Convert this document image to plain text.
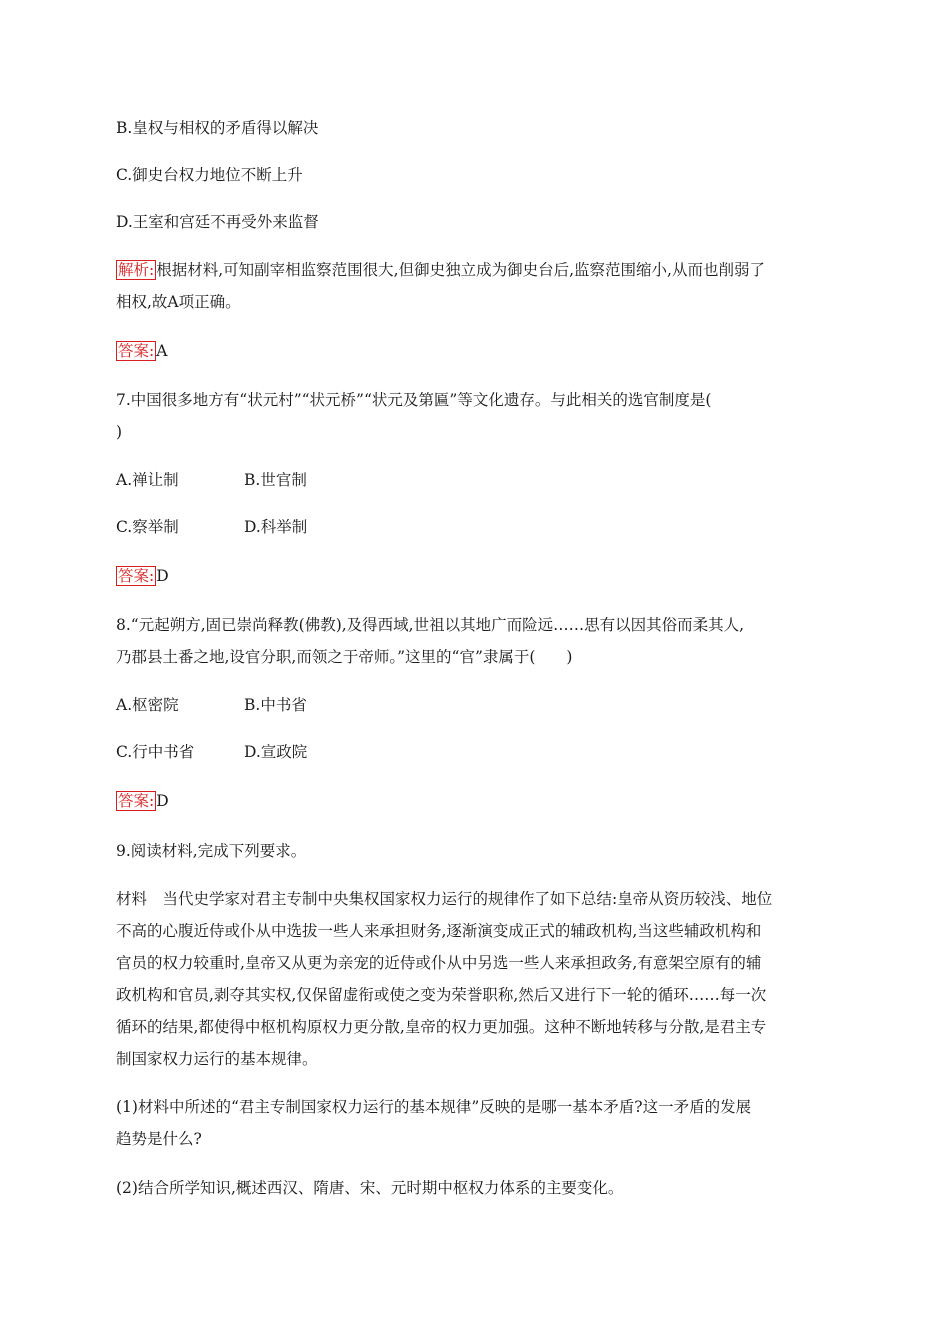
B.皇权与相权的矛盾得以解决
C.御史台权力地位不断上升
D.王室和宫廷不再受外来监督
解析: 根据材料,可知副宰相监察范围很大,但御史独立成为御史台后,监察范围缩小,从而也削弱了
相权,故A项正确。
答案: A
7.中国很多地方有“状元村”“状元桥”“状元及第匾”等文化遗存。与此相关的选官制度是(
)
A.禅让制	B.世官制
C.察举制	D.科举制
答案: D
8.“元起朔方,固已崇尚释教(佛教),及得西域,世祖以其地广而险远……思有以因其俗而柔其人,
乃郡县土番之地,设官分职,而领之于帝师。”这里的“官”隶属于(　　)
A.枢密院	B.中书省
C.行中书省	D.宣政院
答案: D
9.阅读材料,完成下列要求。
材料　当代史学家对君主专制中央集权国家权力运行的规律作了如下总结:皇帝从资历较浅、地位
不高的心腹近侍或仆从中选拔一些人来承担财务,逐渐演变成正式的辅政机构,当这些辅政机构和
官员的权力较重时,皇帝又从更为亲宠的近侍或仆从中另选一些人来承担政务,有意架空原有的辅
政机构和官员,剥夺其实权,仅保留虚衔或使之变为荣誉职称,然后又进行下一轮的循环……每一次
循环的结果,都使得中枢机构原权力更分散,皇帝的权力更加强。这种不断地转移与分散,是君主专
制国家权力运行的基本规律。
(1)材料中所述的“君主专制国家权力运行的基本规律”反映的是哪一基本矛盾?这一矛盾的发展
趋势是什么?
(2)结合所学知识,概述西汉、隋唐、宋、元时期中枢权力体系的主要变化。
